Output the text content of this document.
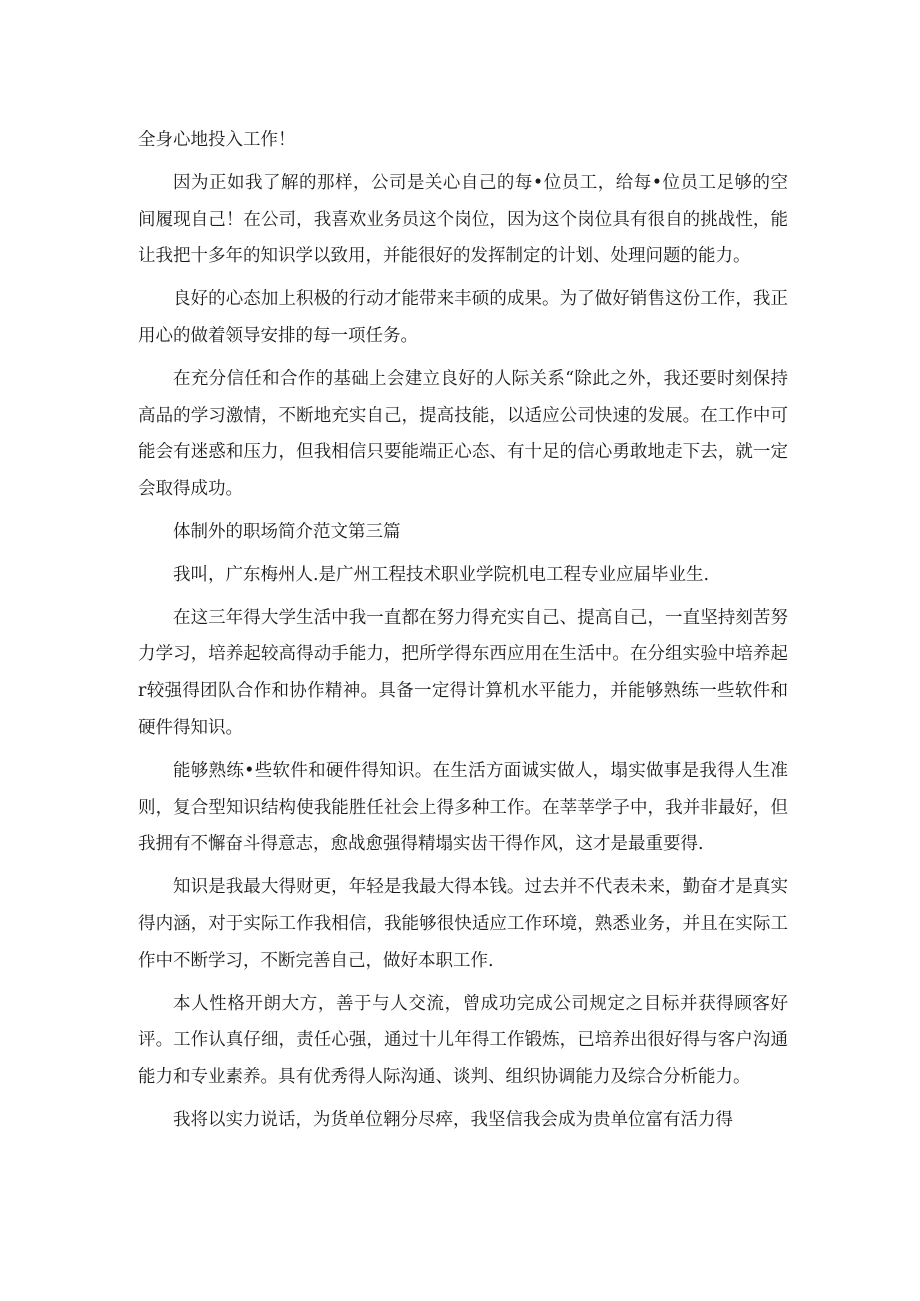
全身心地投入工作！

因为正如我了解的那样，公司是关心自己的每•位员工，给每•位员工足够的空间履现自己！在公司，我喜欢业务员这个岗位，因为这个岗位具有很自的挑战性，能让我把十多年的知识学以致用，并能很好的发挥制定的计划、处理问题的能力。

良好的心态加上积极的行动才能带来丰硕的成果。为了做好销售这份工作，我正用心的做着领导安排的每一项任务。

在充分信任和合作的基础上会建立良好的人际关系“除此之外，我还要时刻保持高品的学习激情，不断地充实自己，提高技能，以适应公司快速的发展。在工作中可能会有迷惑和压力，但我相信只要能端正心态、有十足的信心勇敢地走下去，就一定会取得成功。

体制外的职场简介范文第三篇

我叫，广东梅州人.是广州工程技术职业学院机电工程专业应届毕业生.

在这三年得大学生活中我一直都在努力得充实自己、提高自己，一直坚持刻苦努力学习，培养起较高得动手能力，把所学得东西应用在生活中。在分组实验中培养起r较强得团队合作和协作精神。具备一定得计算机水平能力，并能够熟练一些软件和硬件得知识。

能够熟练•些软件和硬件得知识。在生活方面诚实做人，塌实做事是我得人生准则，复合型知识结构使我能胜任社会上得多种工作。在莘莘学子中，我并非最好，但我拥有不懈奋斗得意志，愈战愈强得精塌实齿干得作风，这才是最重要得.

知识是我最大得财更，年轻是我最大得本钱。过去并不代表未来，勤奋才是真实得内涵，对于实际工作我相信，我能够很快适应工作环境，熟悉业务，并且在实际工作中不断学习，不断完善自己，做好本职工作.

本人性格开朗大方，善于与人交流，曾成功完成公司规定之目标并获得顾客好评。工作认真仔细，责任心强，通过十儿年得工作锻炼，已培养出很好得与客户沟通能力和专业素养。具有优秀得人际沟通、谈判、组织协调能力及综合分析能力。

我将以实力说话，为货单位翱分尽瘁，我坚信我会成为贵单位富有活力得
